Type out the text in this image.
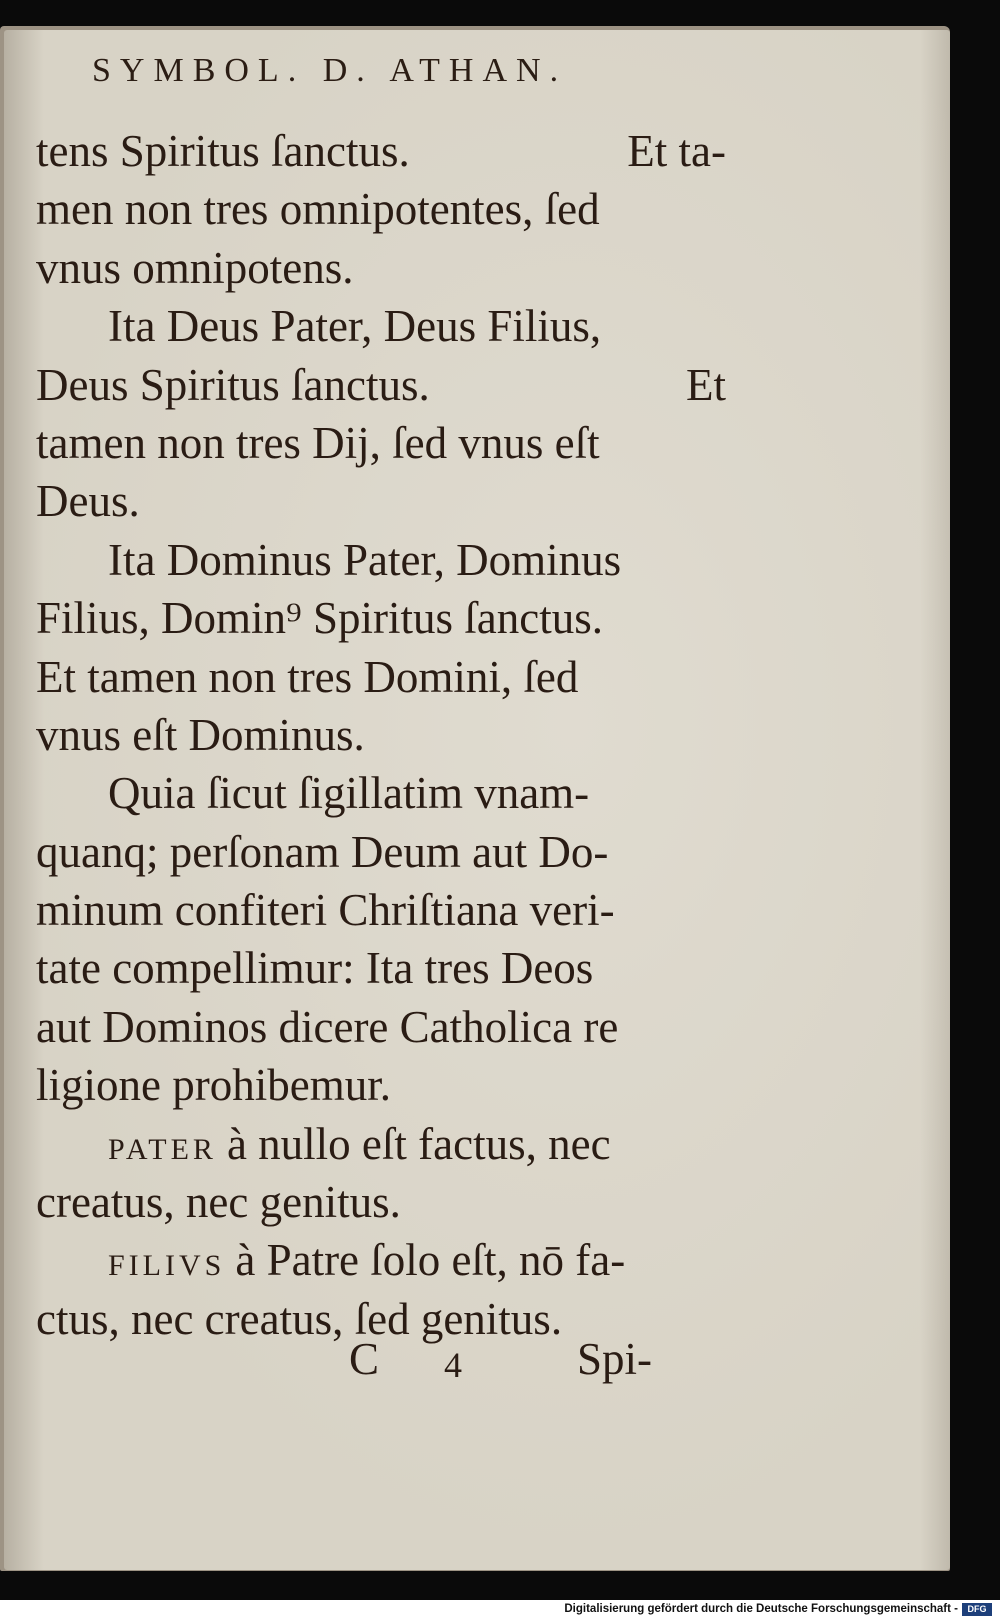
SYMBOL. D. ATHAN.
tens Spiritus ſanctus.	Et ta-
men non tres omnipotentes, ſed
vnus omnipotens.
Ita Deus Pater, Deus Filius,
Deus Spiritus ſanctus.	Et
tamen non tres Dij, ſed vnus eſt
Deus.
Ita Dominus Pater, Dominus
Filius, Domin⁹ Spiritus ſanctus.
Et tamen non tres Domini, ſed
vnus eſt Dominus.
Quia ſicut ſigillatim vnam-
quanq; perſonam Deum aut Do-
minum confiteri Chriſtiana veri-
tate compellimur: Ita tres Deos
aut Dominos dicere Catholica re
ligione prohibemur.
PATER à nullo eſt factus, nec
creatus, nec genitus.
FILIVS à Patre ſolo eſt, nō fa-
ctus, nec creatus, ſed genitus.
C 4	Spi-
Digitalisierung gefördert durch die Deutsche Forschungsgemeinschaft -	DFG
